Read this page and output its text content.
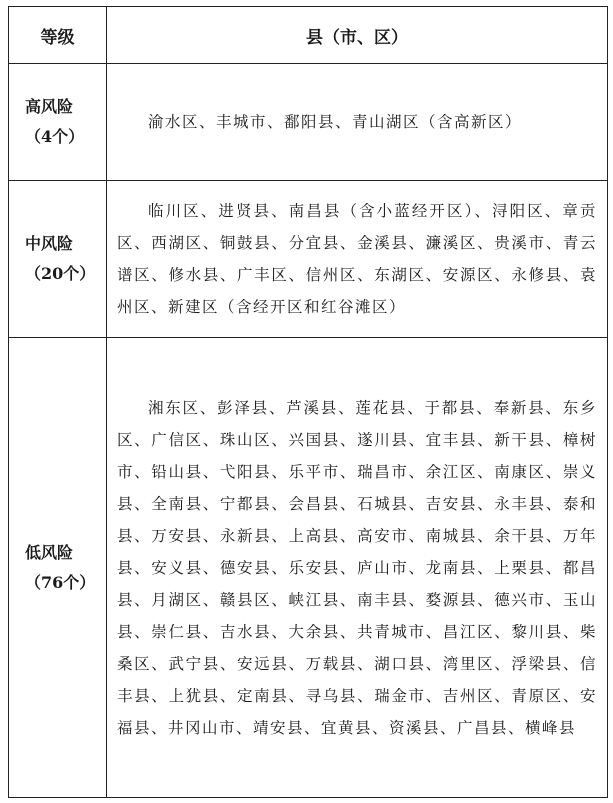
等级	县（市、区）
高风险（4个）	渝水区、丰城市、鄱阳县、青山湖区（含高新区）

中风险（20个）	临川区、进贤县、南昌县（含小蓝经开区）、浔阳区、章贡区、西湖区、铜鼓县、分宜县、金溪县、濂溪区、贵溪市、青云谱区、修水县、广丰区、信州区、东湖区、安源区、永修县、袁州区、新建区（含经开区和红谷滩区）

低风险（76个）	湘东区、彭泽县、芦溪县、莲花县、于都县、奉新县、东乡区、广信区、珠山区、兴国县、遂川县、宜丰县、新干县、樟树市、铅山县、弋阳县、乐平市、瑞昌市、余江区、南康区、崇义县、全南县、宁都县、会昌县、石城县、吉安县、永丰县、泰和县、万安县、永新县、上高县、高安市、南城县、余干县、万年县、安义县、德安县、乐安县、庐山市、龙南县、上栗县、都昌县、月湖区、赣县区、峡江县、南丰县、婺源县、德兴市、玉山县、崇仁县、吉水县、大余县、共青城市、昌江区、黎川县、柴桑区、武宁县、安远县、万载县、湖口县、湾里区、浮梁县、信丰县、上犹县、定南县、寻乌县、瑞金市、吉州区、青原区、安福县、井冈山市、靖安县、宜黄县、资溪县、广昌县、横峰县
